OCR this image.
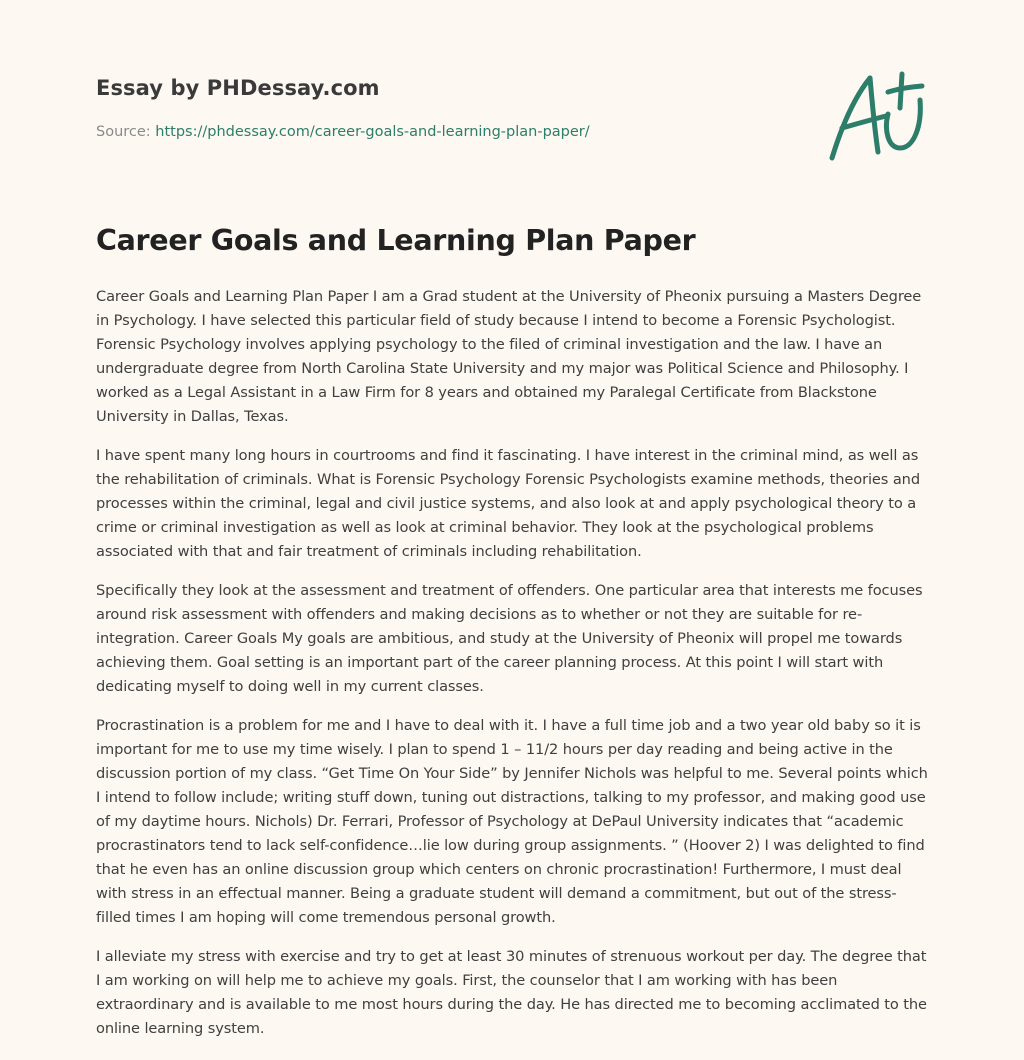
Essay by PHDessay.com
Source: https://phdessay.com/career-goals-and-learning-plan-paper/
Career Goals and Learning Plan Paper

Career Goals and Learning Plan Paper I am a Grad student at the University of Pheonix pursuing a Masters Degree in Psychology. I have selected this particular field of study because I intend to become a Forensic Psychologist. Forensic Psychology involves applying psychology to the filed of criminal investigation and the law. I have an undergraduate degree from North Carolina State University and my major was Political Science and Philosophy. I worked as a Legal Assistant in a Law Firm for 8 years and obtained my Paralegal Certificate from Blackstone University in Dallas, Texas.

I have spent many long hours in courtrooms and find it fascinating. I have interest in the criminal mind, as well as the rehabilitation of criminals. What is Forensic Psychology Forensic Psychologists examine methods, theories and processes within the criminal, legal and civil justice systems, and also look at and apply psychological theory to a crime or criminal investigation as well as look at criminal behavior. They look at the psychological problems associated with that and fair treatment of criminals including rehabilitation.

Specifically they look at the assessment and treatment of offenders. One particular area that interests me focuses around risk assessment with offenders and making decisions as to whether or not they are suitable for re-integration. Career Goals My goals are ambitious, and study at the University of Pheonix will propel me towards achieving them. Goal setting is an important part of the career planning process. At this point I will start with dedicating myself to doing well in my current classes.

Procrastination is a problem for me and I have to deal with it. I have a full time job and a two year old baby so it is important for me to use my time wisely. I plan to spend 1 – 11/2 hours per day reading and being active in the discussion portion of my class. “Get Time On Your Side” by Jennifer Nichols was helpful to me. Several points which I intend to follow include; writing stuff down, tuning out distractions, talking to my professor, and making good use of my daytime hours. Nichols) Dr. Ferrari, Professor of Psychology at DePaul University indicates that “academic procrastinators tend to lack self-confidence…lie low during group assignments. ” (Hoover 2) I was delighted to find that he even has an online discussion group which centers on chronic procrastination! Furthermore, I must deal with stress in an effectual manner. Being a graduate student will demand a commitment, but out of the stress-filled times I am hoping will come tremendous personal growth.

I alleviate my stress with exercise and try to get at least 30 minutes of strenuous workout per day. The degree that I am working on will help me to achieve my goals. First, the counselor that I am working with has been extraordinary and is available to me most hours during the day. He has directed me to becoming acclimated to the online learning system.
